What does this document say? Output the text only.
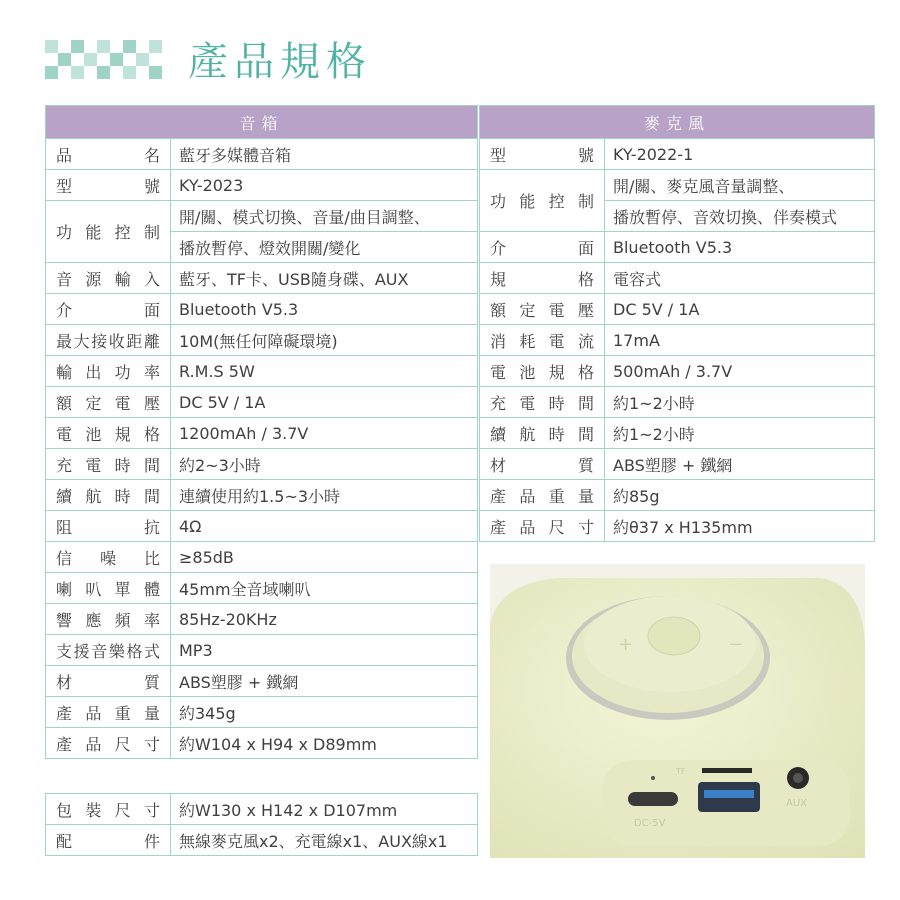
產品規格
音箱	
品名	藍牙多媒體音箱
型號	KY-2023
功能控制	開/關、模式切換、音量/曲目調整、
	播放暫停、燈效開關/變化
音源輸入	藍牙、TF卡、USB隨身碟、AUX
介面	Bluetooth V5.3
最大接收距離	10M(無任何障礙環境)
輸出功率	R.M.S 5W
額定電壓	DC 5V / 1A
電池規格	1200mAh / 3.7V
充電時間	約2~3小時
續航時間	連續使用約1.5~3小時
阻抗	4Ω
信噪比	≥85dB
喇叭單體	45mm全音域喇叭
響應頻率	85Hz-20KHz
支援音樂格式	MP3
材質	ABS塑膠 + 鐵網
產品重量	約345g
產品尺寸	約W104 x H94 x D89mm
麥克風	
型號	KY-2022-1
功能控制	開/關、麥克風音量調整、
	播放暫停、音效切換、伴奏模式
介面	Bluetooth V5.3
規格	電容式
額定電壓	DC 5V / 1A
消耗電流	17mA
電池規格	500mAh / 3.7V
充電時間	約1~2小時
續航時間	約1~2小時
材質	ABS塑膠 + 鐵網
產品重量	約85g
產品尺寸	約θ37 x H135mm
+	−
DC-5V
AUX
TF
包裝尺寸	約W130 x H142 x D107mm
配件	無線麥克風x2、充電線x1、AUX線x1
